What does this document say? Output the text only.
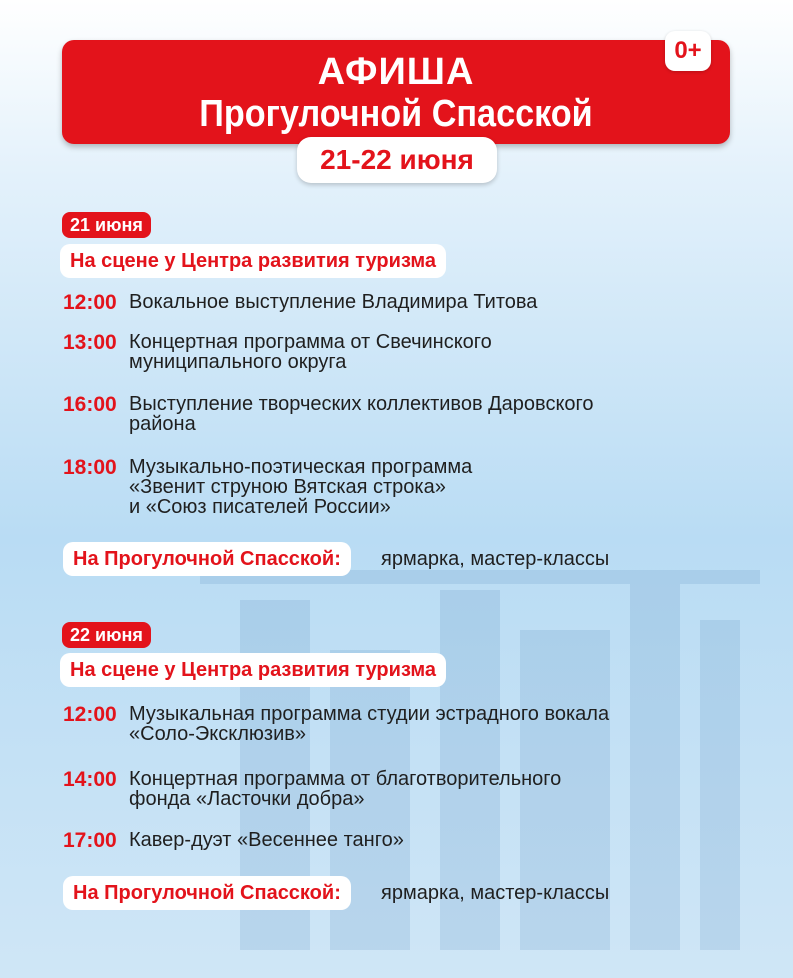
АФИША
Прогулочной Спасской
0+
21-22 июня
21 июня
На сцене у Центра развития туризма
12:00 Вокальное выступление Владимира Титова
13:00 Концертная программа от Свечинского
муниципального округа
16:00 Выступление творческих коллективов Даровского
района
18:00 Музыкально-поэтическая программа
«Звенит струною Вятская строка»
и «Союз писателей России»
На Прогулочной Спасской:	ярмарка, мастер-классы
22 июня
На сцене у Центра развития туризма
12:00 Музыкальная программа студии эстрадного вокала
«Соло-Эксклюзив»
14:00 Концертная программа от благотворительного
фонда «Ласточки добра»
17:00 Кавер-дуэт «Весеннее танго»
На Прогулочной Спасской:	ярмарка, мастер-классы
